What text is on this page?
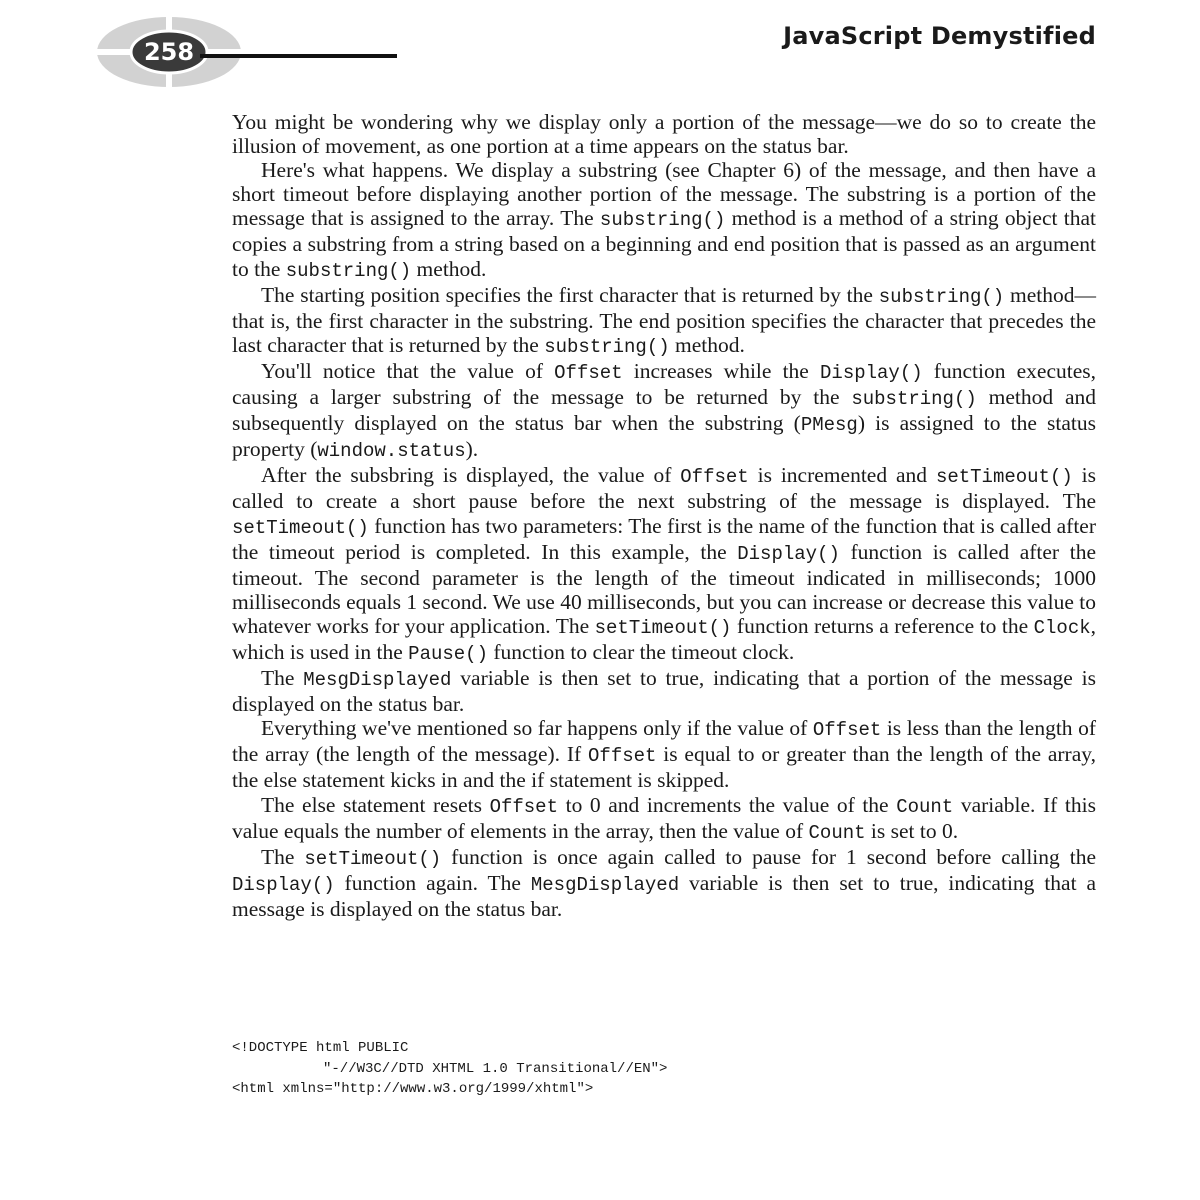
258
JavaScript Demystified

You might be wondering why we display only a portion of the message—we do so to create the illusion of movement, as one portion at a time appears on the status bar.

Here's what happens. We display a substring (see Chapter 6) of the message, and then have a short timeout before displaying another portion of the message. The substring is a portion of the message that is assigned to the array. The substring() method is a method of a string object that copies a substring from a string based on a beginning and end position that is passed as an argument to the substring() method.

The starting position specifies the first character that is returned by the substring() method—that is, the first character in the substring. The end position specifies the character that precedes the last character that is returned by the substring() method.

You'll notice that the value of Offset increases while the Display() function executes, causing a larger substring of the message to be returned by the substring() method and subsequently displayed on the status bar when the substring (PMesg) is assigned to the status property (window.status).

After the subsbring is displayed, the value of Offset is incremented and setTimeout() is called to create a short pause before the next substring of the message is displayed. The setTimeout() function has two parameters: The first is the name of the function that is called after the timeout period is completed. In this example, the Display() function is called after the timeout. The second parameter is the length of the timeout indicated in milliseconds; 1000 milliseconds equals 1 second. We use 40 milliseconds, but you can increase or decrease this value to whatever works for your application. The setTimeout() function returns a reference to the Clock, which is used in the Pause() function to clear the timeout clock.

The MesgDisplayed variable is then set to true, indicating that a portion of the message is displayed on the status bar.

Everything we've mentioned so far happens only if the value of Offset is less than the length of the array (the length of the message). If Offset is equal to or greater than the length of the array, the else statement kicks in and the if statement is skipped.

The else statement resets Offset to 0 and increments the value of the Count variable. If this value equals the number of elements in the array, then the value of Count is set to 0.

The setTimeout() function is once again called to pause for 1 second before calling the Display() function again. The MesgDisplayed variable is then set to true, indicating that a message is displayed on the status bar.

<!DOCTYPE html PUBLIC
"-//W3C//DTD XHTML 1.0 Transitional//EN">
<html xmlns="http://www.w3.org/1999/xhtml">
